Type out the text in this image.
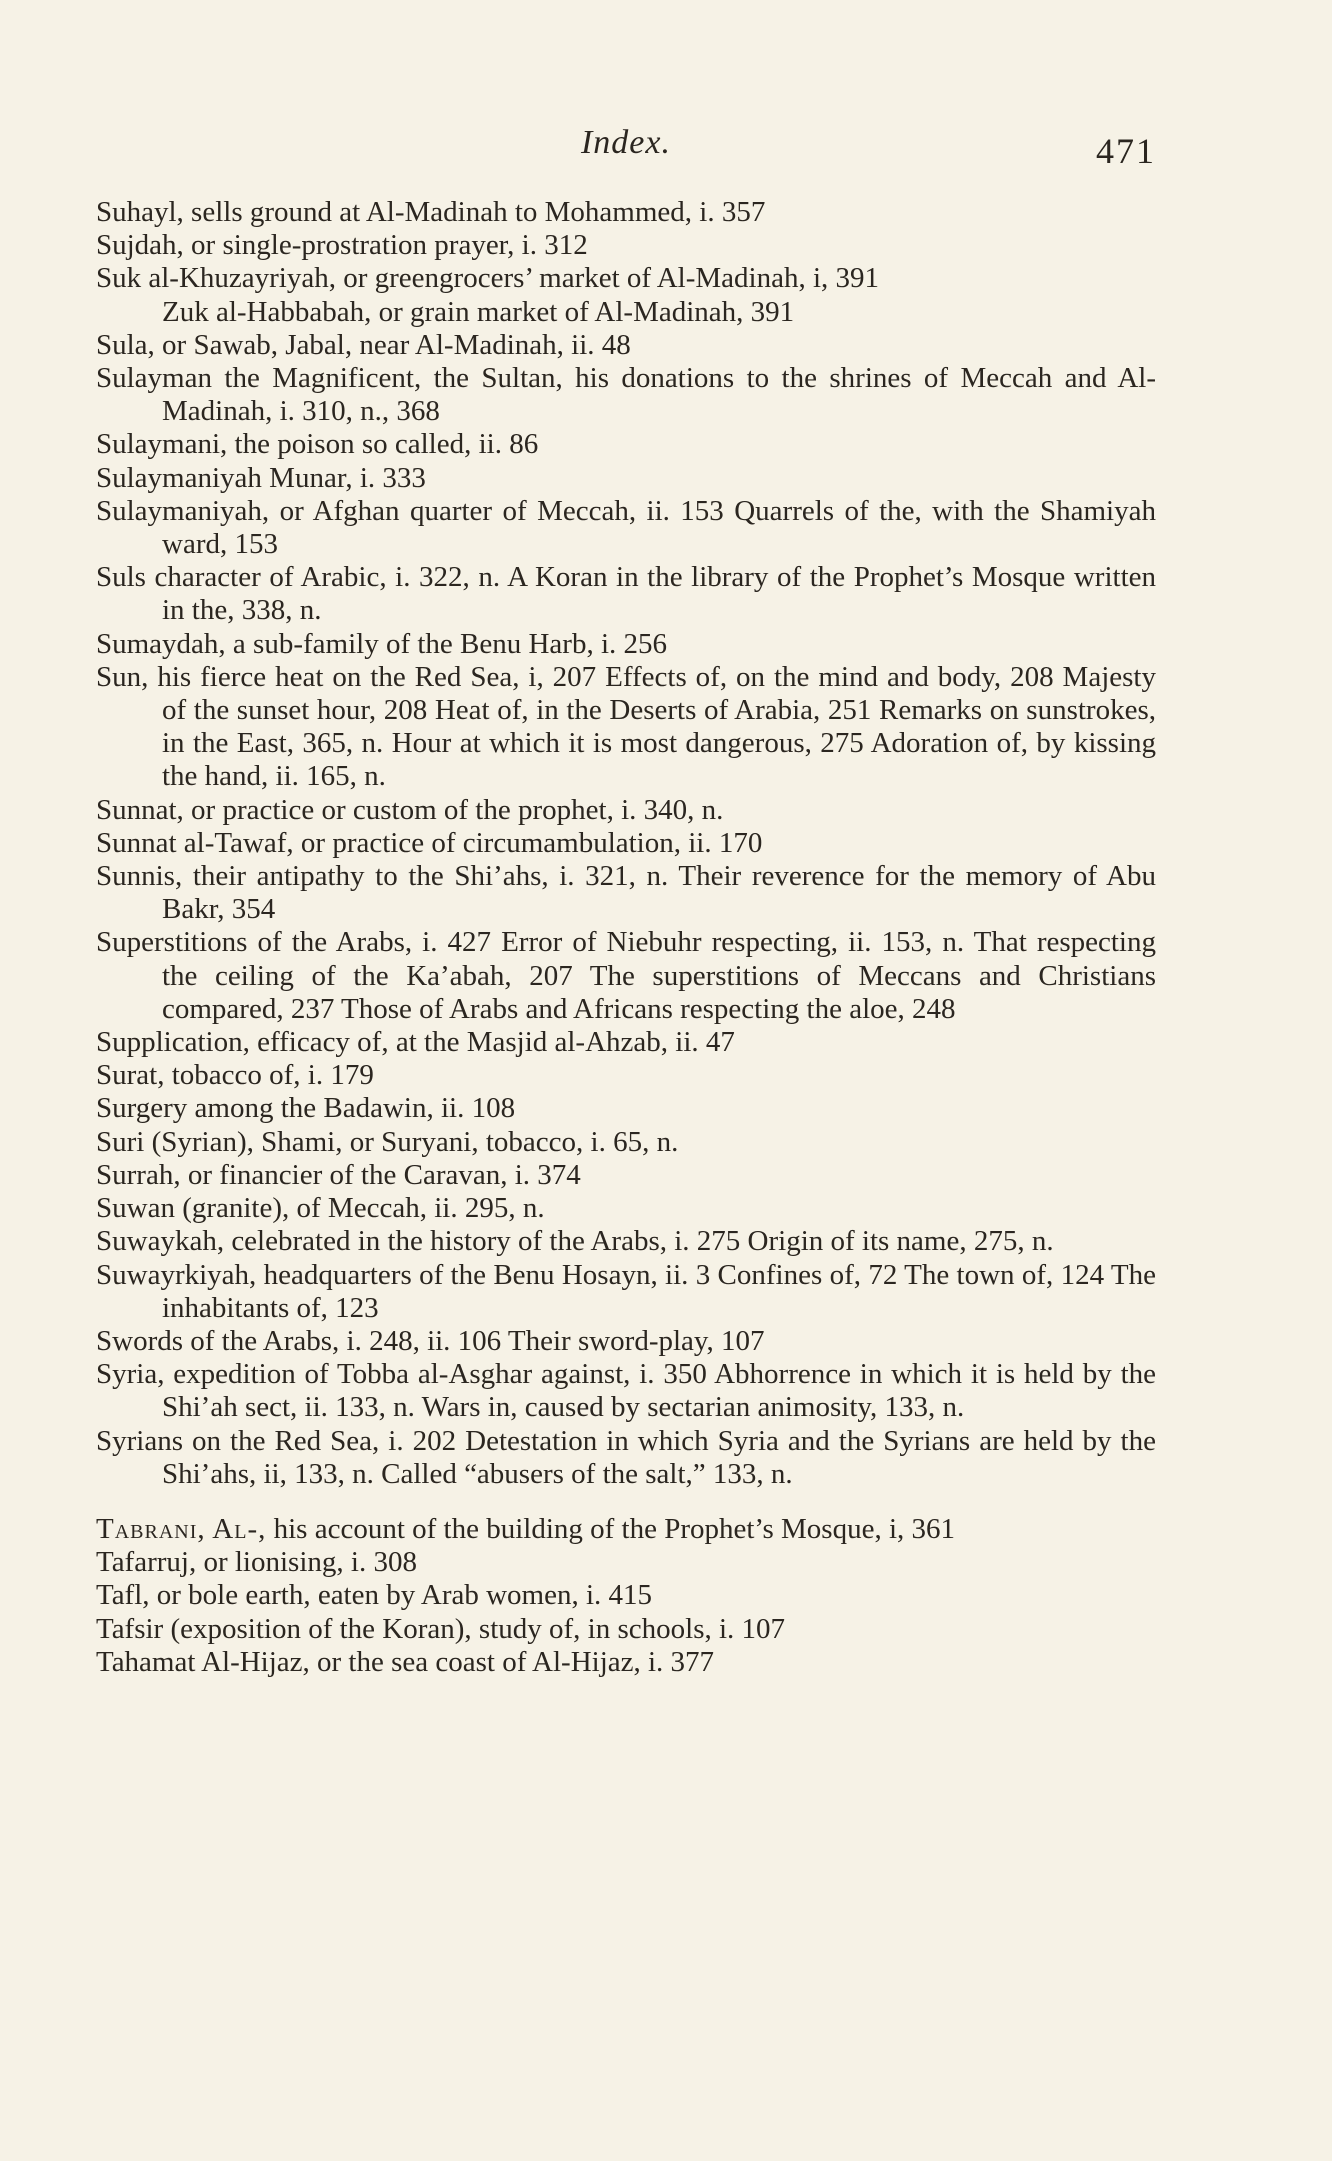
Index.	471

Suhayl, sells ground at Al-Madinah to Mohammed, i. 357

Sujdah, or single-prostration prayer, i. 312

Suk al-Khuzayriyah, or greengrocers’ market of Al-Madinah, i, 391

Zuk al-Habbabah, or grain market of Al-Madinah, 391

Sula, or Sawab, Jabal, near Al-Madinah, ii. 48

Sulayman the Magnificent, the Sultan, his donations to the shrines of Meccah and Al-Madinah, i. 310, n., 368

Sulaymani, the poison so called, ii. 86

Sulaymaniyah Munar, i. 333

Sulaymaniyah, or Afghan quarter of Meccah, ii. 153 Quarrels of the, with the Shamiyah ward, 153

Suls character of Arabic, i. 322, n. A Koran in the library of the Prophet’s Mosque written in the, 338, n.

Sumaydah, a sub-family of the Benu Harb, i. 256

Sun, his fierce heat on the Red Sea, i, 207 Effects of, on the mind and body, 208 Majesty of the sunset hour, 208 Heat of, in the Deserts of Arabia, 251 Remarks on sunstrokes, in the East, 365, n. Hour at which it is most dangerous, 275 Adoration of, by kissing the hand, ii. 165, n.

Sunnat, or practice or custom of the prophet, i. 340, n.

Sunnat al-Tawaf, or practice of circumambulation, ii. 170

Sunnis, their antipathy to the Shi’ahs, i. 321, n. Their reverence for the memory of Abu Bakr, 354

Superstitions of the Arabs, i. 427 Error of Niebuhr respecting, ii. 153, n. That respecting the ceiling of the Ka’abah, 207 The superstitions of Meccans and Christians compared, 237 Those of Arabs and Africans respecting the aloe, 248

Supplication, efficacy of, at the Masjid al-Ahzab, ii. 47

Surat, tobacco of, i. 179

Surgery among the Badawin, ii. 108

Suri (Syrian), Shami, or Suryani, tobacco, i. 65, n.

Surrah, or financier of the Caravan, i. 374

Suwan (granite), of Meccah, ii. 295, n.

Suwaykah, celebrated in the history of the Arabs, i. 275 Origin of its name, 275, n.

Suwayrkiyah, headquarters of the Benu Hosayn, ii. 3 Confines of, 72 The town of, 124 The inhabitants of, 123

Swords of the Arabs, i. 248, ii. 106 Their sword-play, 107

Syria, expedition of Tobba al-Asghar against, i. 350 Abhorrence in which it is held by the Shi’ah sect, ii. 133, n. Wars in, caused by sectarian animosity, 133, n.

Syrians on the Red Sea, i. 202 Detestation in which Syria and the Syrians are held by the Shi’ahs, ii, 133, n. Called “abusers of the salt,” 133, n.

Tabrani, Al-, his account of the building of the Prophet’s Mosque, i, 361

Tafarruj, or lionising, i. 308

Tafl, or bole earth, eaten by Arab women, i. 415

Tafsir (exposition of the Koran), study of, in schools, i. 107

Tahamat Al-Hijaz, or the sea coast of Al-Hijaz, i. 377
